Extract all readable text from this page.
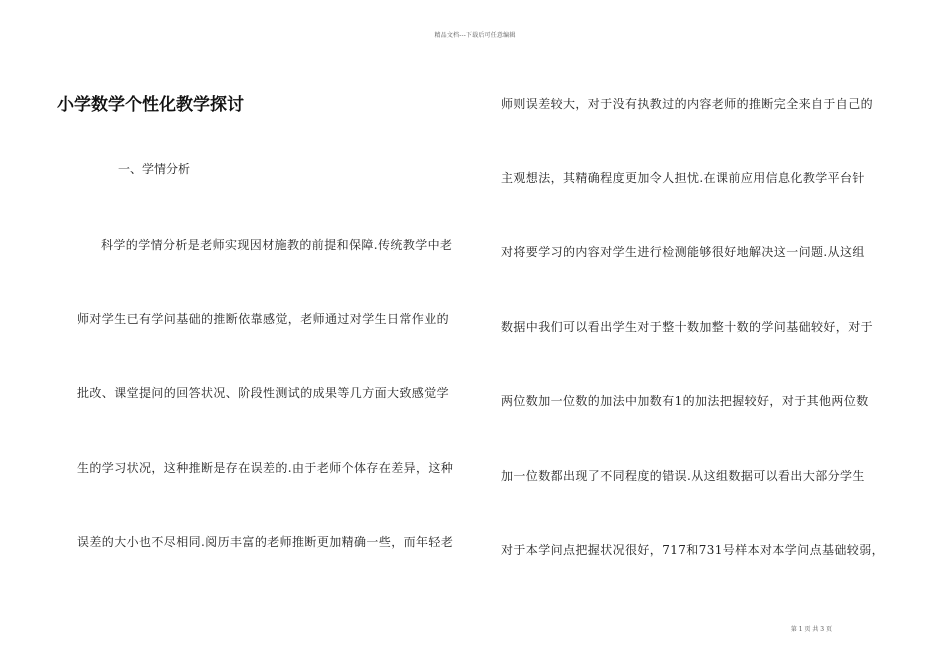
精品文档---下载后可任意编辑
小学数学个性化教学探讨
一、学情分析
科学的学情分析是老师实现因材施教的前提和保障.传统教学中老
师对学生已有学问基础的推断依靠感觉，老师通过对学生日常作业的
批改、课堂提问的回答状况、阶段性测试的成果等几方面大致感觉学
生的学习状况，这种推断是存在误差的.由于老师个体存在差异，这种
误差的大小也不尽相同.阅历丰富的老师推断更加精确一些，而年轻老
师则误差较大，对于没有执教过的内容老师的推断完全来自于自己的
主观想法，其精确程度更加令人担忧.在课前应用信息化教学平台针
对将要学习的内容对学生进行检测能够很好地解决这一问题.从这组
数据中我们可以看出学生对于整十数加整十数的学问基础较好，对于
两位数加一位数的加法中加数有1的加法把握较好，对于其他两位数
加一位数都出现了不同程度的错误.从这组数据可以看出大部分学生
对于本学问点把握状况很好，717和731号样本对本学问点基础较弱，
第 1 页 共 3 页
